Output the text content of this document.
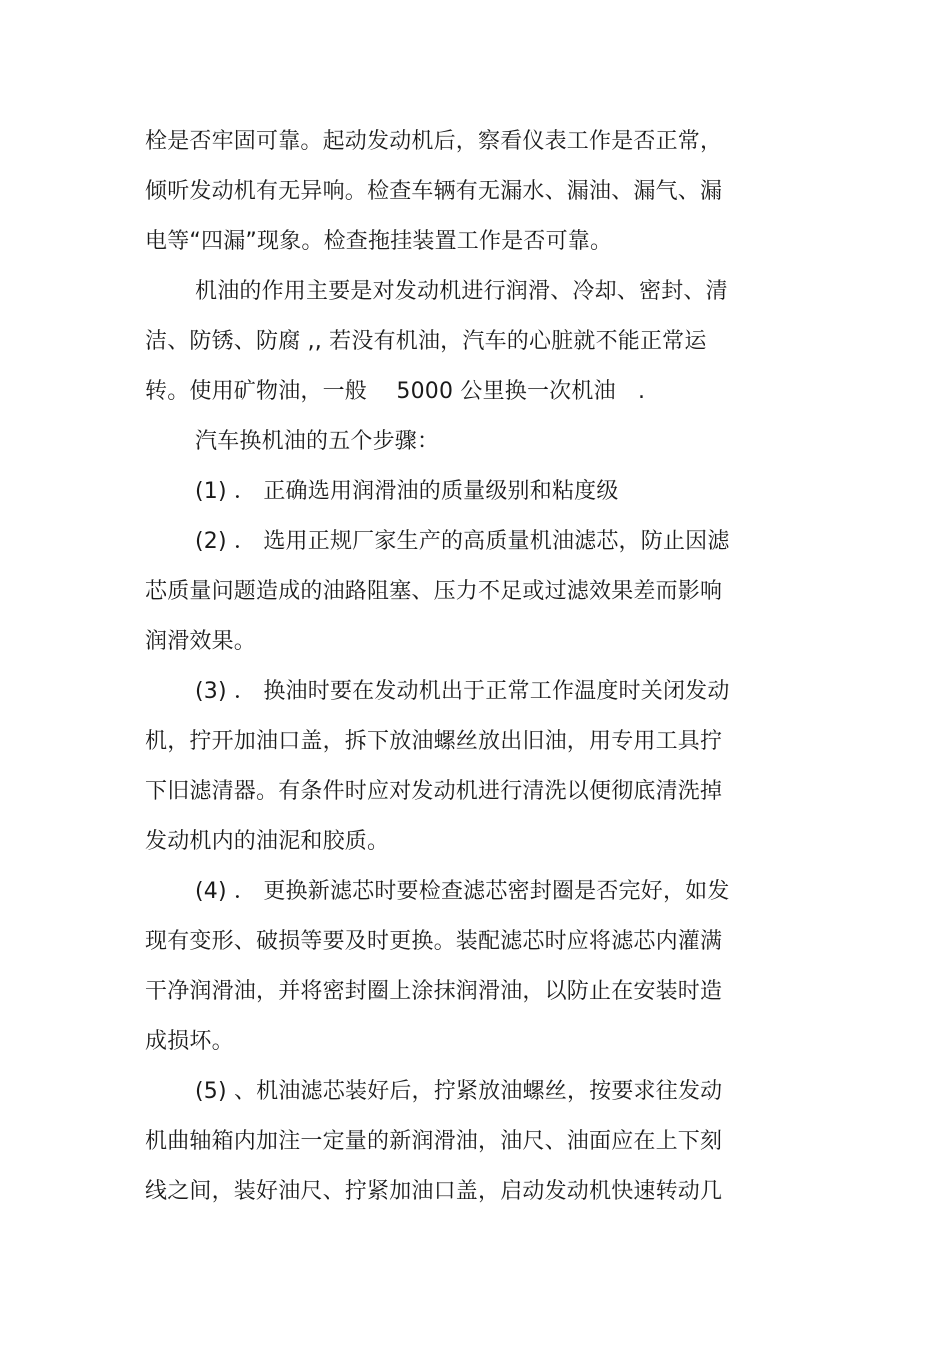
栓是否牢固可靠。起动发动机后，察看仪表工作是否正常，
倾听发动机有无异响。检查车辆有无漏水、漏油、漏气、漏
电等“四漏”现象。检查拖挂装置工作是否可靠。
机油的作用主要是对发动机进行润滑、冷却、密封、清
洁、防锈、防腐 ,, 若没有机油，汽车的心脏就不能正常运
转。使用矿物油，一般　 5000 公里换一次机油　.
汽车换机油的五个步骤：
(1) ． 正确选用润滑油的质量级别和粘度级
(2) ． 选用正规厂家生产的高质量机油滤芯，防止因滤
芯质量问题造成的油路阻塞、压力不足或过滤效果差而影响
润滑效果。
(3) ． 换油时要在发动机出于正常工作温度时关闭发动
机，拧开加油口盖，拆下放油螺丝放出旧油，用专用工具拧
下旧滤清器。有条件时应对发动机进行清洗以便彻底清洗掉
发动机内的油泥和胶质。
(4) ． 更换新滤芯时要检查滤芯密封圈是否完好，如发
现有变形、破损等要及时更换。装配滤芯时应将滤芯内灌满
干净润滑油，并将密封圈上涂抹润滑油，以防止在安装时造
成损坏。
(5) 、机油滤芯装好后，拧紧放油螺丝，按要求往发动
机曲轴箱内加注一定量的新润滑油，油尺、油面应在上下刻
线之间，装好油尺、拧紧加油口盖，启动发动机快速转动几
